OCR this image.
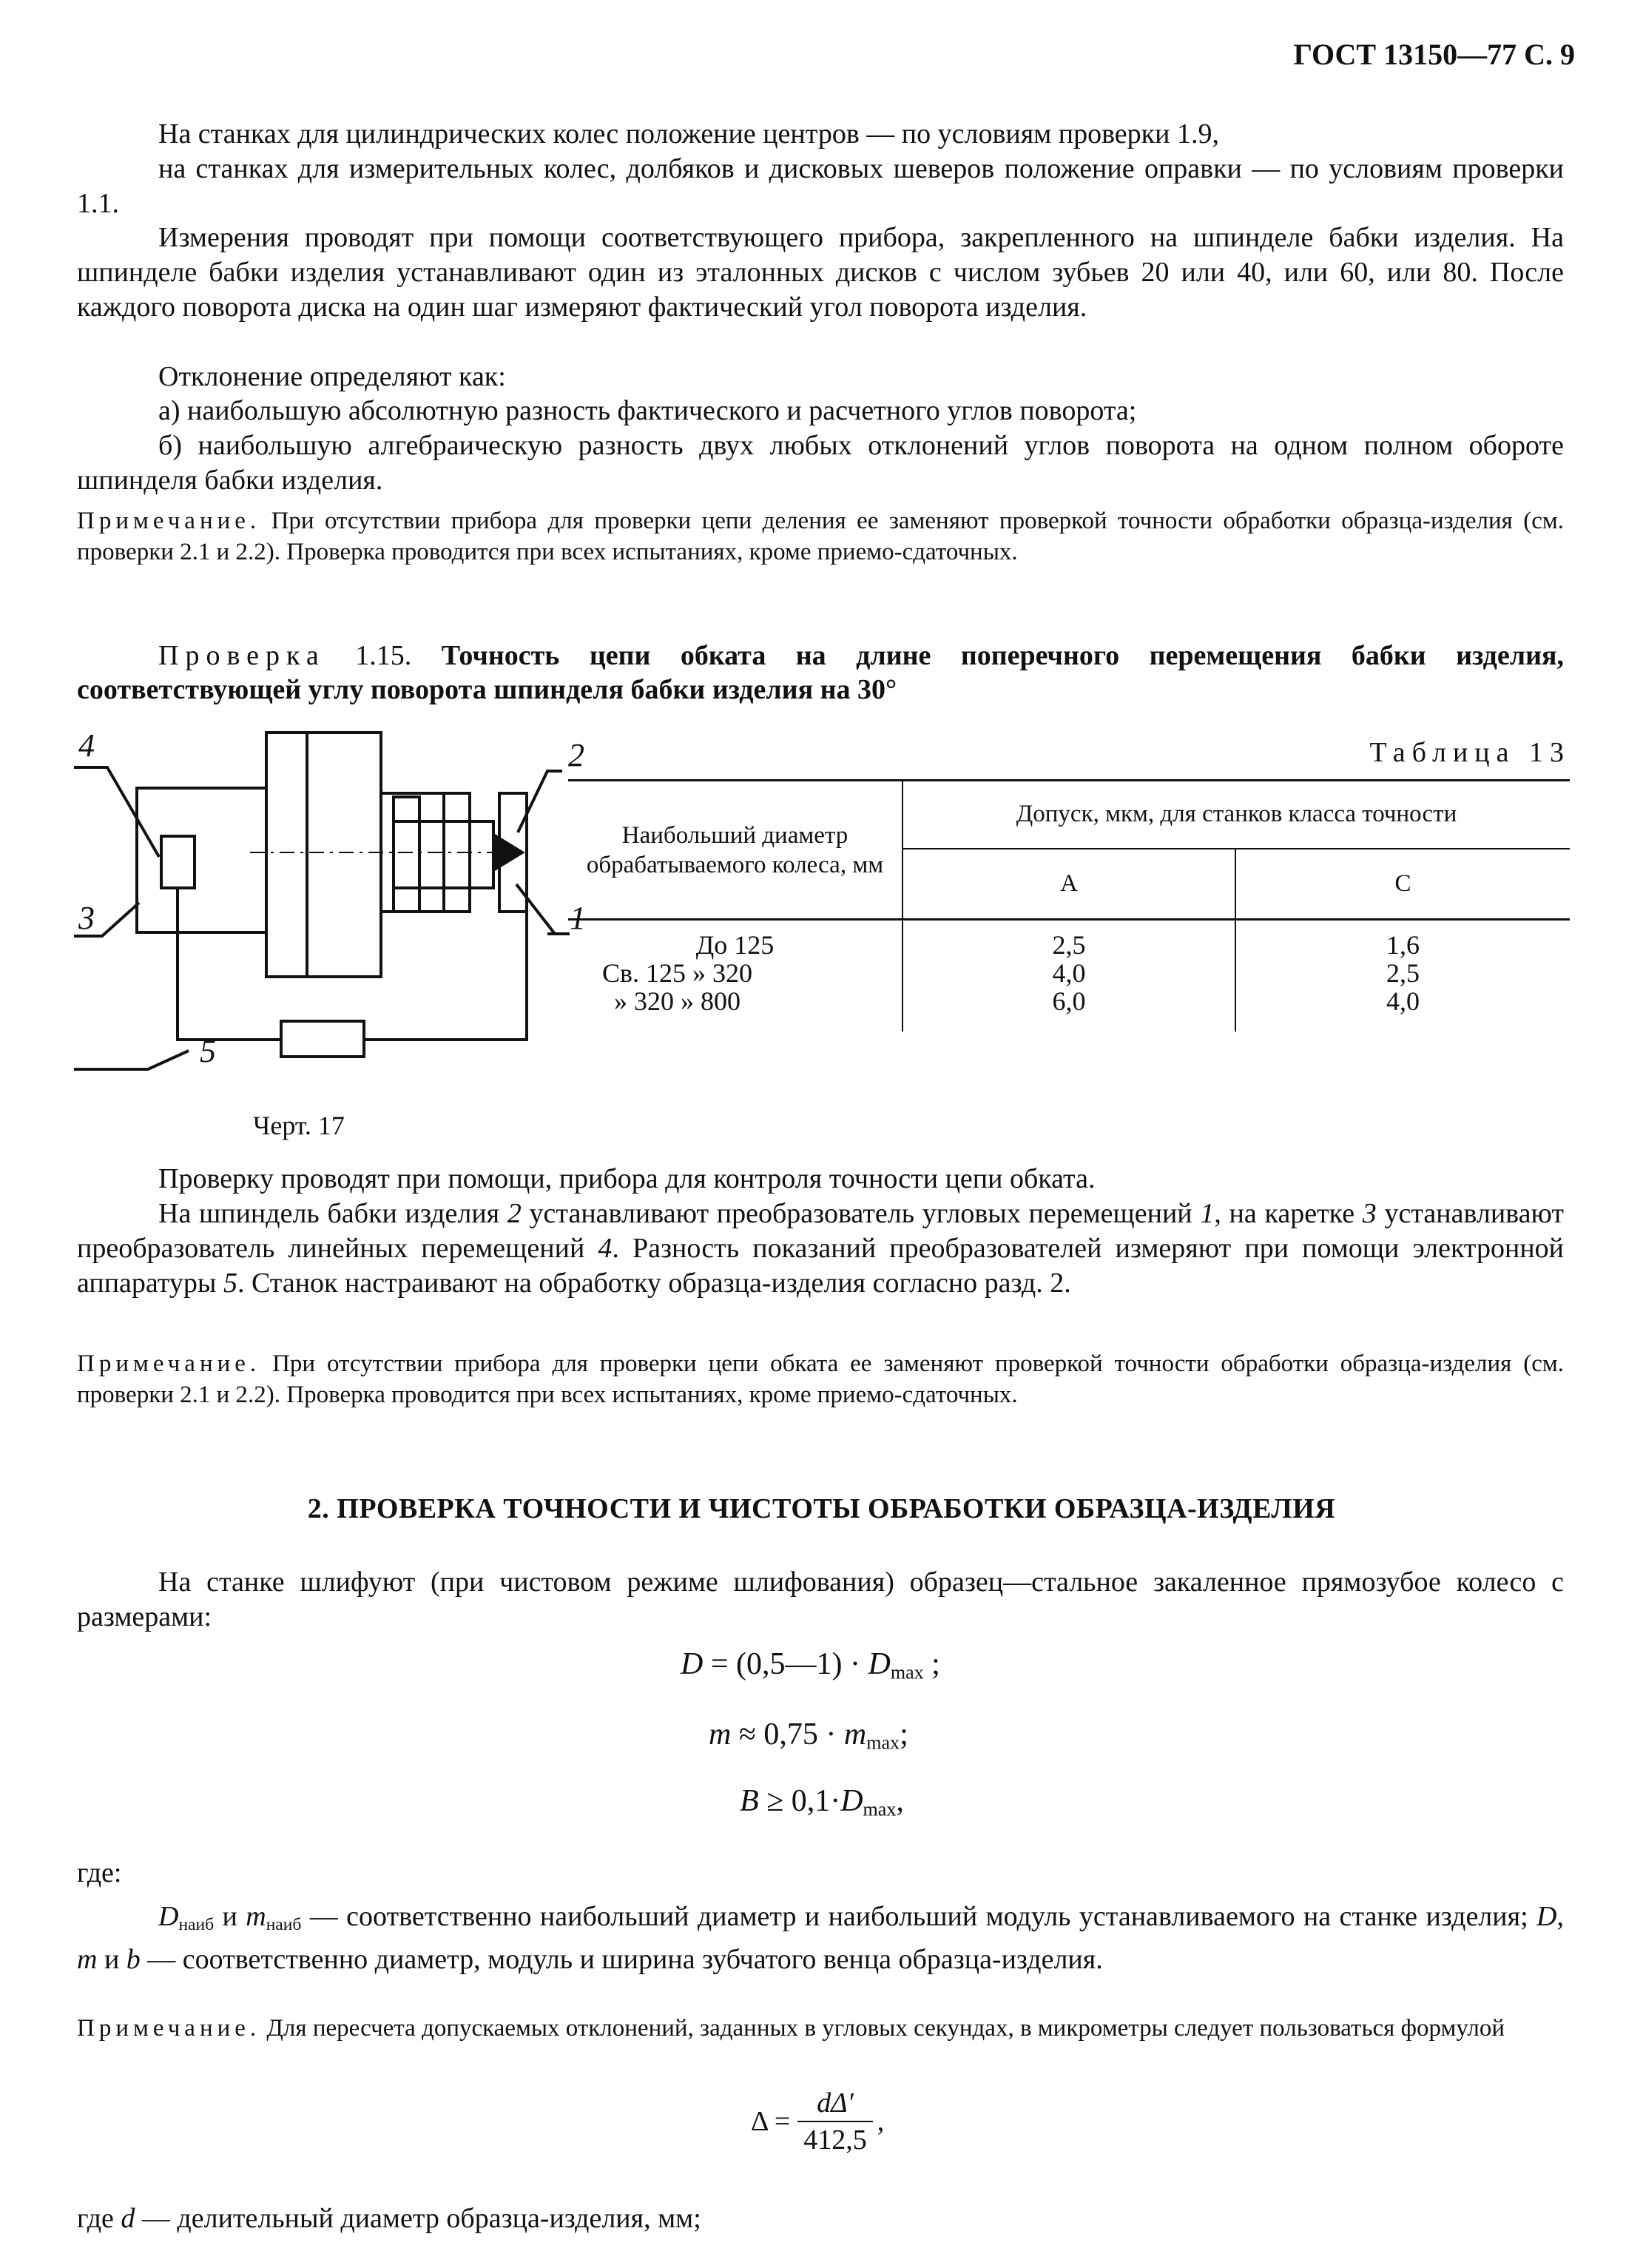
ГОСТ 13150—77 С. 9

На станках для цилиндрических колес положение центров — по условиям проверки 1.9,

на станках для измерительных колес, долбяков и дисковых шеверов положение оправки — по условиям проверки 1.1.

Измерения проводят при помощи соответствующего прибора, закрепленного на шпинделе бабки изделия. На шпинделе бабки изделия устанавливают один из эталонных дисков с числом зубьев 20 или 40, или 60, или 80. После каждого поворота диска на один шаг измеряют фактический угол поворота изделия.

Отклонение определяют как:

а) наибольшую абсолютную разность фактического и расчетного углов поворота;

б) наибольшую алгебраическую разность двух любых отклонений углов поворота на одном полном обороте шпинделя бабки изделия.

Примечание. При отсутствии прибора для проверки цепи деления ее заменяют проверкой точности обработки образца-изделия (см. проверки 2.1 и 2.2). Проверка проводится при всех испытаниях, кроме приемо-сдаточных.

Проверка 1.15. Точность цепи обката на длине поперечного перемещения бабки изделия, соответствующей углу поворота шпинделя бабки изделия на 30°

4
3
5
2
1
Черт. 17
Таблица 13
Наибольший диаметр обрабатываемого колеса, мм	Допуск, мкм, для станков класса точности	
	А	С
До 125	2,5	1,6
Св. 125 » 320	4,0	2,5
» 320 » 800	6,0	4,0

Проверку проводят при помощи, прибора для контроля точности цепи обката.

На шпиндель бабки изделия 2 устанавливают преобразователь угловых перемещений 1, на каретке 3 устанавливают преобразователь линейных перемещений 4. Разность показаний преобразователей измеряют при помощи электронной аппаратуры 5. Станок настраивают на обработку образца-изделия согласно разд. 2.

Примечание. При отсутствии прибора для проверки цепи обката ее заменяют проверкой точности обработки образца-изделия (см. проверки 2.1 и 2.2). Проверка проводится при всех испытаниях, кроме приемо-сдаточных.

2. ПРОВЕРКА ТОЧНОСТИ И ЧИСТОТЫ ОБРАБОТКИ ОБРАЗЦА-ИЗДЕЛИЯ

На станке шлифуют (при чистовом режиме шлифования) образец—стальное закаленное прямозубое колесо с размерами:

D = (0,5—1) · $D_{max}$ ;
$m \approx 0,75 \cdot m_{max}$;
$B \ge 0,1\cdot D_{max}$,

где:

$D_{наиб}$ и $m_{наиб}$ — соответственно наибольший диаметр и наибольший модуль устанавливаемого на станке изделия; D, m и b — соответственно диаметр, модуль и ширина зубчатого венца образца-изделия.

Примечание. Для пересчета допускаемых отклонений, заданных в угловых секундах, в микрометры следует пользоваться формулой

$\Delta = \frac{d\Delta'}{412,5}$ ,

где d — делительный диаметр образца-изделия, мм;
